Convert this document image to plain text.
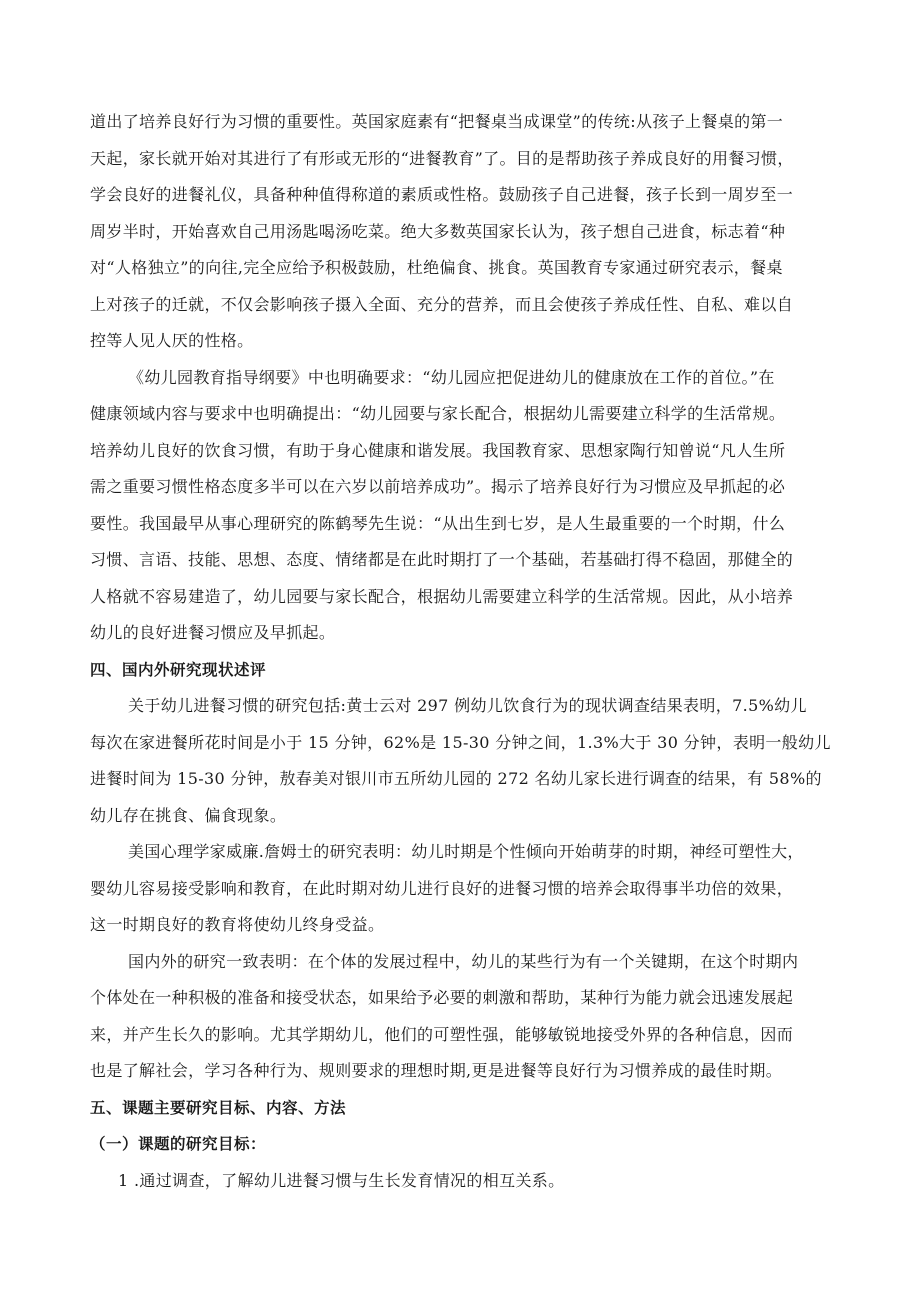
道出了培养良好行为习惯的重要性。英国家庭素有“把餐桌当成课堂”的传统:从孩子上餐桌的第一
天起，家长就开始对其进行了有形或无形的“进餐教育”了。目的是帮助孩子养成良好的用餐习惯，
学会良好的进餐礼仪，具备种种值得称道的素质或性格。鼓励孩子自己进餐，孩子长到一周岁至一
周岁半时，开始喜欢自己用汤匙喝汤吃菜。绝大多数英国家长认为，孩子想自己进食，标志着“种
对“人格独立”的向往,完全应给予积极鼓励，杜绝偏食、挑食。英国教育专家通过研究表示，餐桌
上对孩子的迁就，不仅会影响孩子摄入全面、充分的营养，而且会使孩子养成任性、自私、难以自
控等人见人厌的性格。

《幼儿园教育指导纲要》中也明确要求：“幼儿园应把促进幼儿的健康放在工作的首位。”在
健康领域内容与要求中也明确提出：“幼儿园要与家长配合，根据幼儿需要建立科学的生活常规。
培养幼儿良好的饮食习惯，有助于身心健康和谐发展。我国教育家、思想家陶行知曾说“凡人生所
需之重要习惯性格态度多半可以在六岁以前培养成功”。揭示了培养良好行为习惯应及早抓起的必
要性。我国最早从事心理研究的陈鹤琴先生说：“从出生到七岁，是人生最重要的一个时期，什么
习惯、言语、技能、思想、态度、情绪都是在此时期打了一个基础，若基础打得不稳固，那健全的
人格就不容易建造了，幼儿园要与家长配合，根据幼儿需要建立科学的生活常规。因此，从小培养
幼儿的良好进餐习惯应及早抓起。

四、国内外研究现状述评

关于幼儿进餐习惯的研究包括:黄士云对 297 例幼儿饮食行为的现状调查结果表明，7.5%幼儿
每次在家进餐所花时间是小于 15 分钟，62%是 15-30 分钟之间，1.3%大于 30 分钟，表明一般幼儿
进餐时间为 15-30 分钟，敖春美对银川市五所幼儿园的 272 名幼儿家长进行调查的结果，有 58%的
幼儿存在挑食、偏食现象。

美国心理学家威廉.詹姆士的研究表明：幼儿时期是个性倾向开始萌芽的时期，神经可塑性大，
婴幼儿容易接受影响和教育，在此时期对幼儿进行良好的进餐习惯的培养会取得事半功倍的效果，
这一时期良好的教育将使幼儿终身受益。

国内外的研究一致表明：在个体的发展过程中，幼儿的某些行为有一个关键期，在这个时期内
个体处在一种积极的准备和接受状态，如果给予必要的刺激和帮助，某种行为能力就会迅速发展起
来，并产生长久的影响。尤其学期幼儿，他们的可塑性强，能够敏锐地接受外界的各种信息，因而
也是了解社会，学习各种行为、规则要求的理想时期,更是进餐等良好行为习惯养成的最佳时期。

五、课题主要研究目标、内容、方法
（一）课题的研究目标：

1 .通过调查，了解幼儿进餐习惯与生长发育情况的相互关系。
